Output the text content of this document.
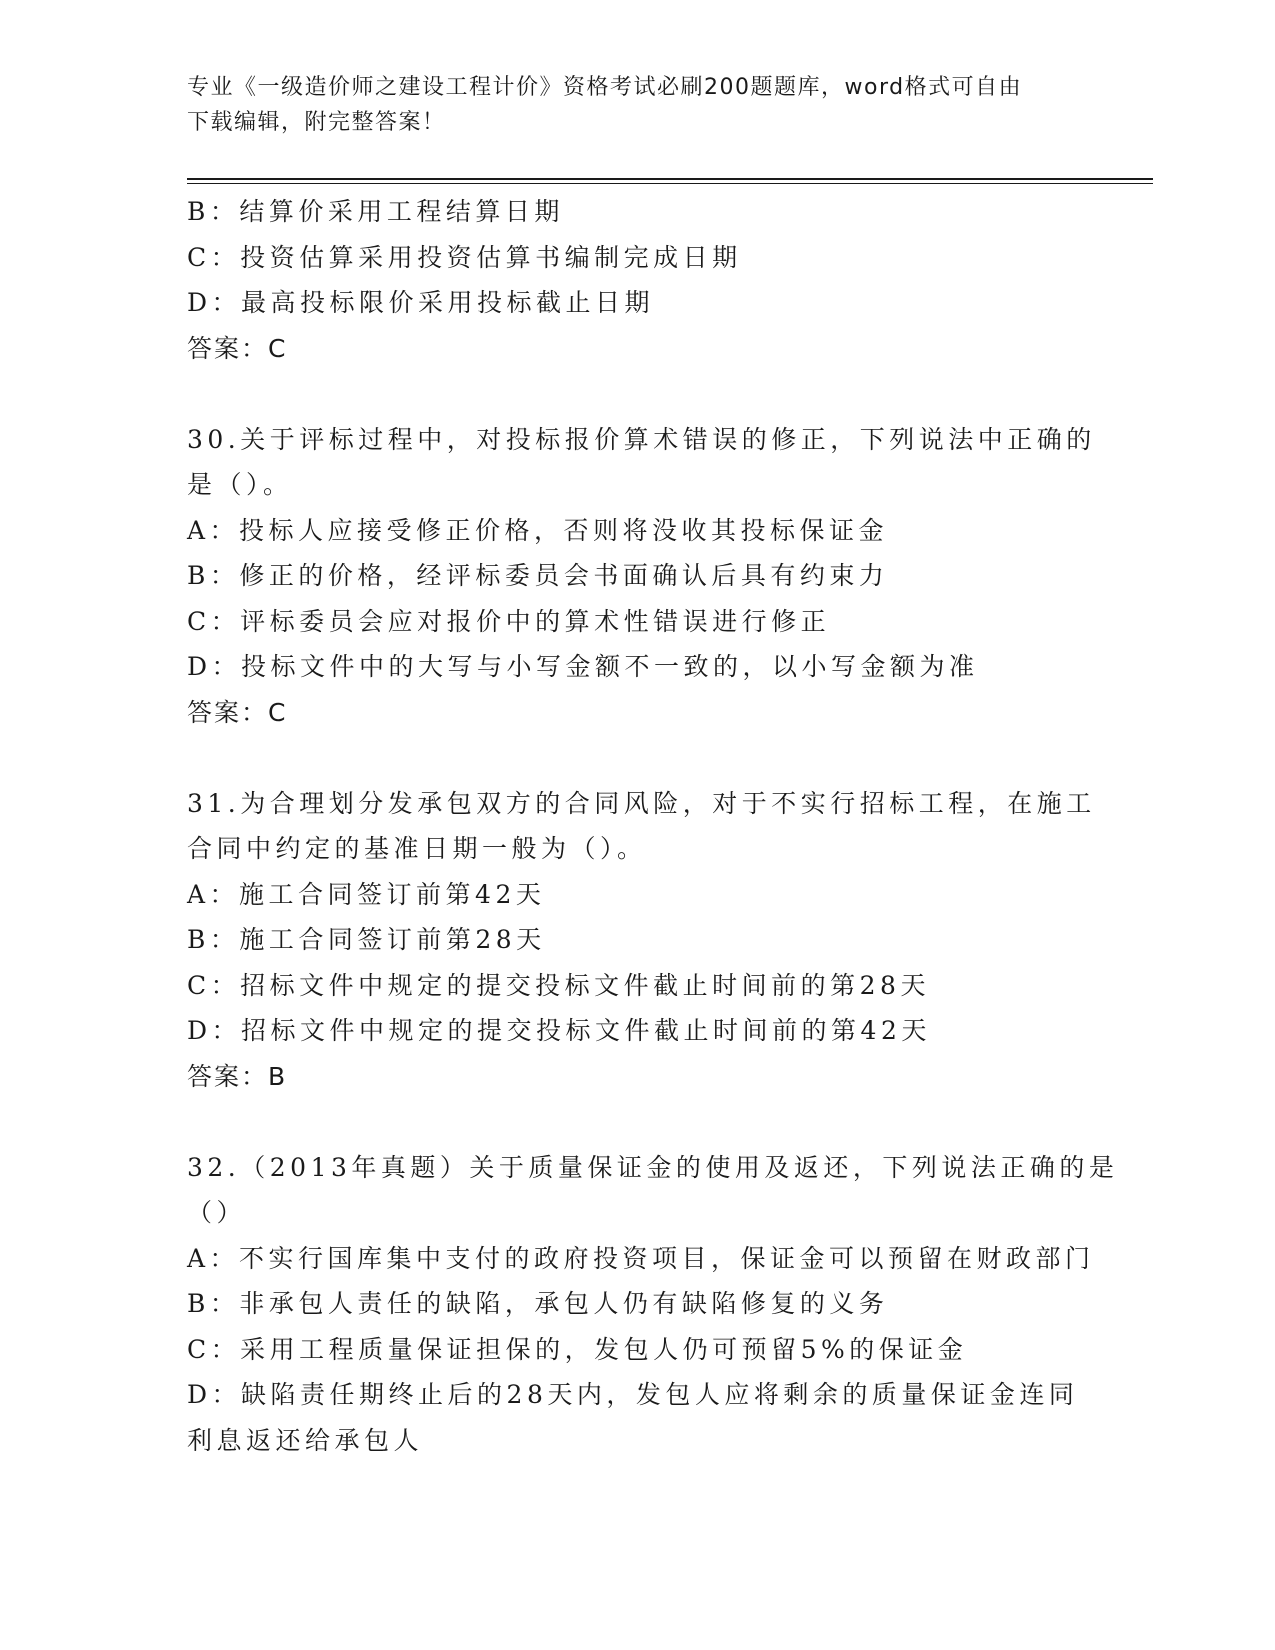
专业《一级造价师之建设工程计价》资格考试必刷200题题库，word格式可自由
下载编辑，附完整答案！
B：结算价采用工程结算日期
C：投资估算采用投资估算书编制完成日期
D：最高投标限价采用投标截止日期
答案：C
30.关于评标过程中，对投标报价算术错误的修正，下列说法中正确的
是（）。
A：投标人应接受修正价格，否则将没收其投标保证金
B：修正的价格，经评标委员会书面确认后具有约束力
C：评标委员会应对报价中的算术性错误进行修正
D：投标文件中的大写与小写金额不一致的，以小写金额为准
答案：C
31.为合理划分发承包双方的合同风险，对于不实行招标工程，在施工
合同中约定的基准日期一般为（）。
A：施工合同签订前第42天
B：施工合同签订前第28天
C：招标文件中规定的提交投标文件截止时间前的第28天
D：招标文件中规定的提交投标文件截止时间前的第42天
答案：B
32.（2013年真题）关于质量保证金的使用及返还，下列说法正确的是
（）
A：不实行国库集中支付的政府投资项目，保证金可以预留在财政部门
B：非承包人责任的缺陷，承包人仍有缺陷修复的义务
C：采用工程质量保证担保的，发包人仍可预留5%的保证金
D：缺陷责任期终止后的28天内，发包人应将剩余的质量保证金连同
利息返还给承包人
